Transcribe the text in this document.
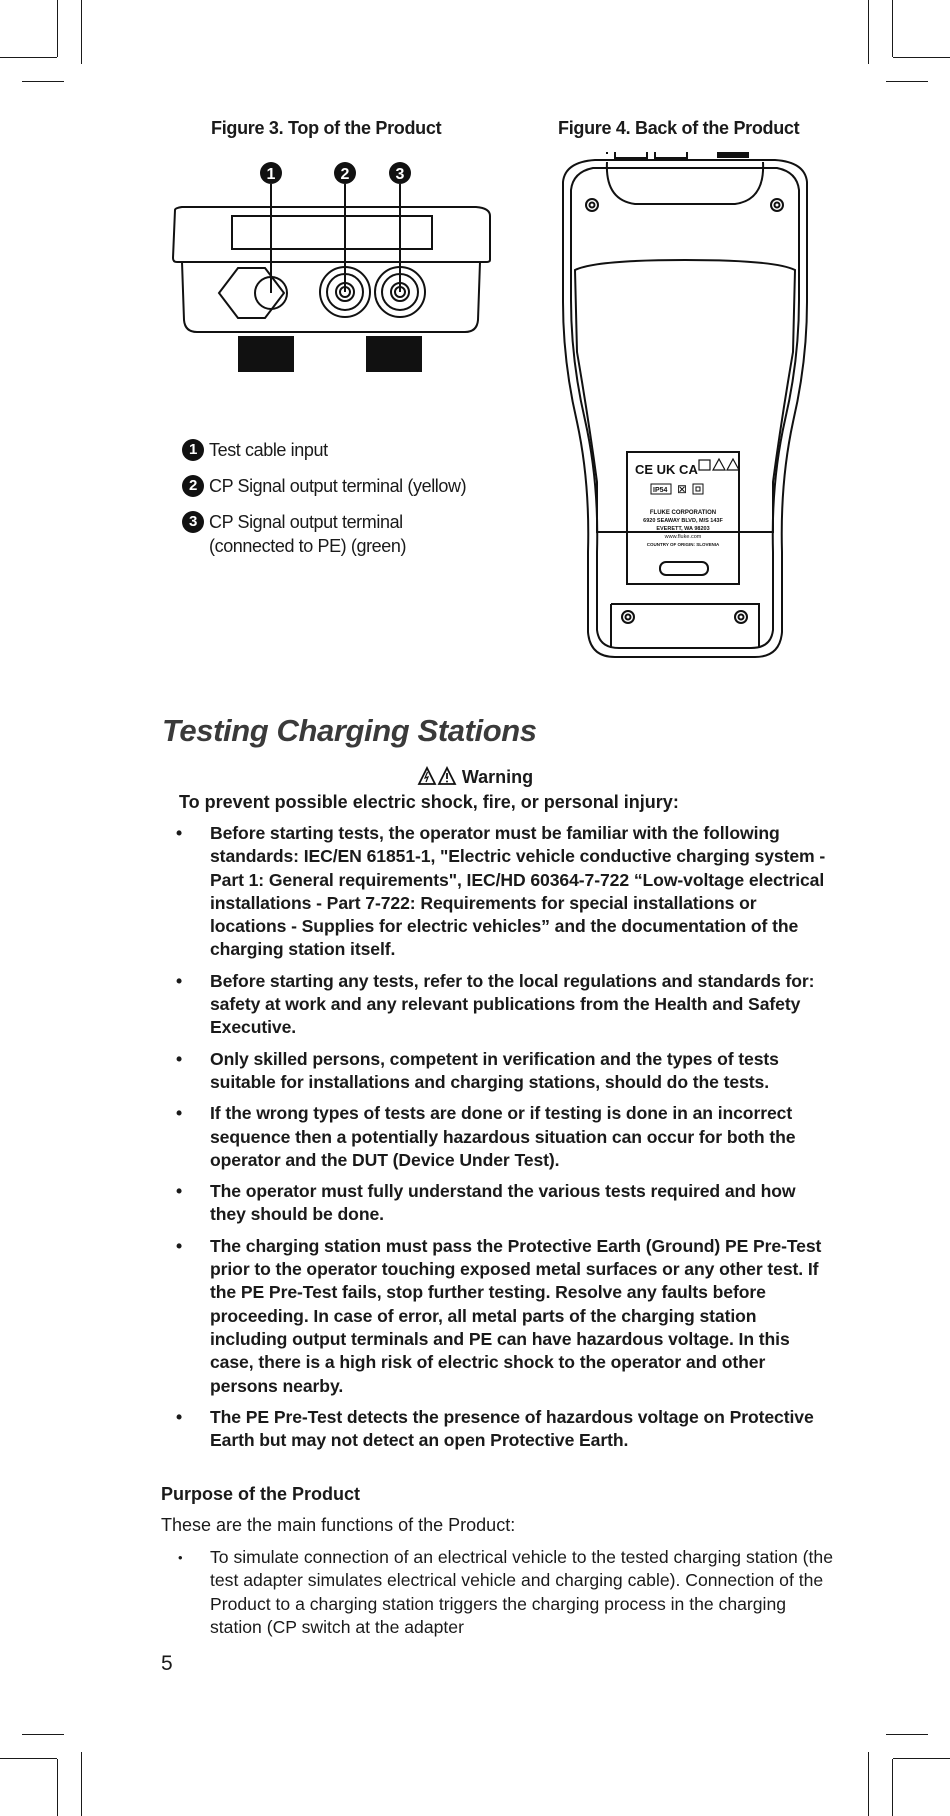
Figure 3. Top of the Product
1	2	3
1 Test cable input
2 CP Signal output terminal (yellow)
3 CP Signal output terminal
(connected to PE) (green)
Figure 4. Back of the Product
CE UK CA
IP54 ⊠
FLUKE CORPORATION
6920 SEAWAY BLVD, M/S 143F
EVERETT, WA 98203
www.fluke.com
COUNTRY OF ORIGIN: SLOVENIA
Testing Charging Stations
Warning
To prevent possible electric shock, fire, or personal injury:
• Before starting tests, the operator must be familiar with the following standards: IEC/EN 61851-1, "Electric vehicle conductive charging system - Part 1: General requirements", IEC/HD 60364-7-722 “Low-voltage electrical installations - Part 7-722: Requirements for special installations or locations - Supplies for electric vehicles” and the documentation of the charging station itself.
• Before starting any tests, refer to the local regulations and standards for: safety at work and any relevant publications from the Health and Safety Executive.
• Only skilled persons, competent in verification and the types of tests suitable for installations and charging stations, should do the tests.
• If the wrong types of tests are done or if testing is done in an incorrect sequence then a potentially hazardous situation can occur for both the operator and the DUT (Device Under Test).
• The operator must fully understand the various tests required and how they should be done.
• The charging station must pass the Protective Earth (Ground) PE Pre-Test prior to the operator touching exposed metal surfaces or any other test. If the PE Pre-Test fails, stop further testing. Resolve any faults before proceeding. In case of error, all metal parts of the charging station including output terminals and PE can have hazardous voltage. In this case, there is a high risk of electric shock to the operator and other persons nearby.
• The PE Pre-Test detects the presence of hazardous voltage on Protective Earth but may not detect an open Protective Earth.
Purpose of the Product
These are the main functions of the Product:
• To simulate connection of an electrical vehicle to the tested charging station (the test adapter simulates electrical vehicle and charging cable). Connection of the Product to a charging station triggers the charging process in the charging station (CP switch at the adapter
5
